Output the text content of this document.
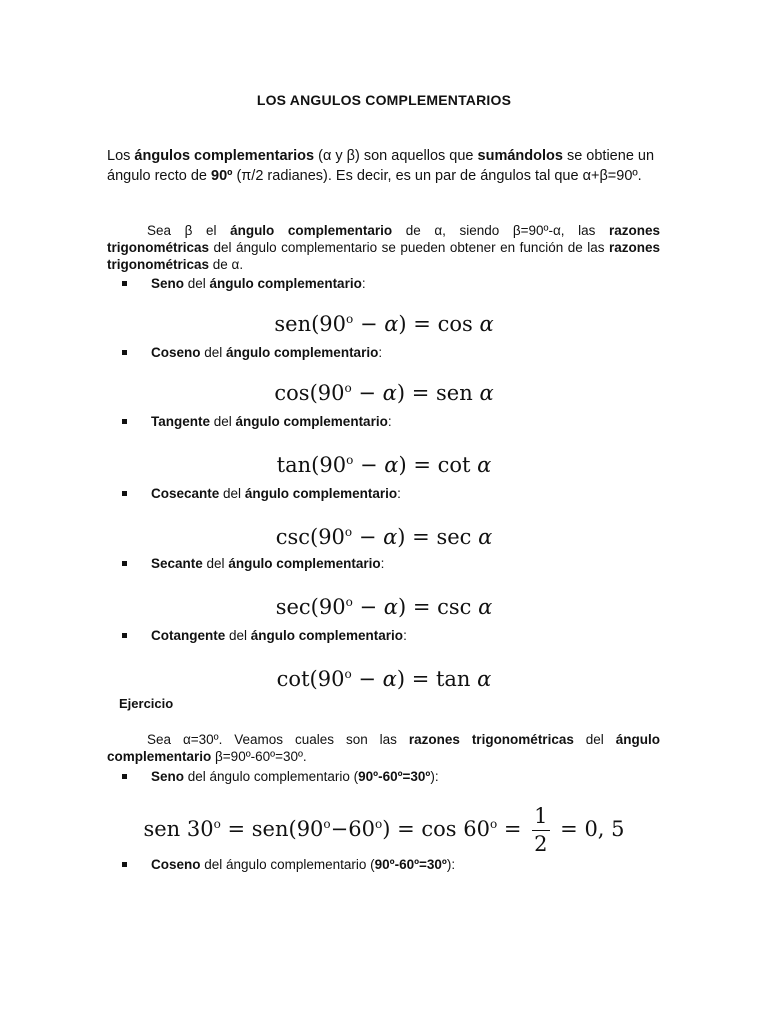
LOS ANGULOS COMPLEMENTARIOS
Los ángulos complementarios (α y β) son aquellos que sumándolos se obtiene un ángulo recto de 90º (π/2 radianes). Es decir, es un par de ángulos tal que α+β=90º.
Sea β el ángulo complementario de α, siendo β=90º-α, las razones trigonométricas del ángulo complementario se pueden obtener en función de las razones trigonométricas de α.
Seno del ángulo complementario:
$sen(90^o - \alpha) = \cos \alpha$
Coseno del ángulo complementario:
$\cos(90^o - \alpha)$ = sen α
Tangente del ángulo complementario:
$\tan(90^o - \alpha) = \cot \alpha$
Cosecante del ángulo complementario:
$\csc(90^o - \alpha) = \sec \alpha$
Secante del ángulo complementario:
$\sec(90^o - \alpha) = \csc \alpha$
Cotangente del ángulo complementario:
$\cot(90^o - \alpha) = \tan \alpha$
Ejercicio
Sea α=30º. Veamos cuales son las razones trigonométricas del ángulo complementario β=90º-60º=30º.
Seno del ángulo complementario (90º-60º=30º):
sen $30^o = sen(90^o-60^o) = \cos 60^o = \frac{1}{2} = 0$, 5
Coseno del ángulo complementario (90º-60º=30º):
